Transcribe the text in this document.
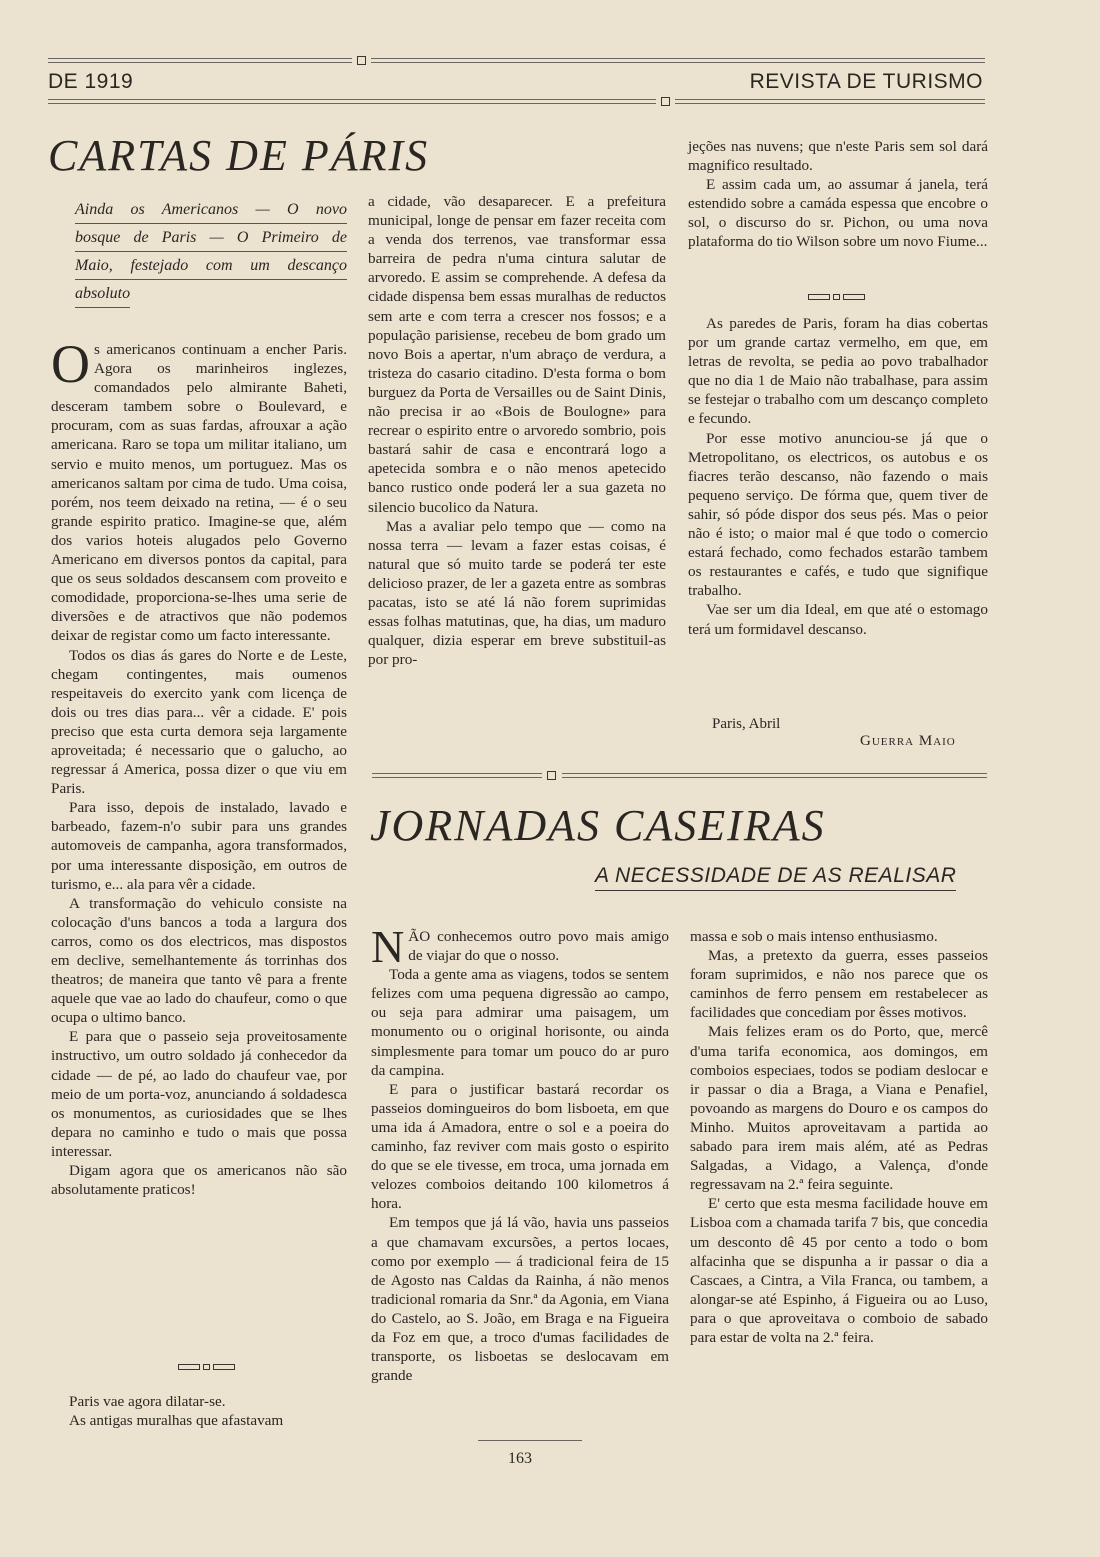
DE 1919	REVISTA DE TURISMO
CARTAS DE PÁRIS
Ainda os Americanos — O novo
bosque de Paris — O Primeiro de
Maio, festejado com um descanço
absoluto

Os americanos continuam a encher Paris. Agora os marinheiros inglezes, comandados pelo almirante Baheti, desceram tambem sobre o Boulevard, e procuram, com as suas fardas, afrouxar a ação americana. Raro se topa um militar italiano, um servio e muito menos, um portuguez. Mas os americanos saltam por cima de tudo. Uma coisa, porém, nos teem deixado na retina, — é o seu grande espirito pratico. Imagine-se que, além dos varios hoteis alugados pelo Governo Americano em diversos pontos da capital, para que os seus soldados descansem com proveito e comodidade, proporciona-se-lhes uma serie de diversões e de atractivos que não podemos deixar de registar como um facto interessante.

Todos os dias ás gares do Norte e de Leste, chegam contingentes, mais oumenos respeitaveis do exercito yank com licença de dois ou tres dias para... vêr a cidade. E' pois preciso que esta curta demora seja largamente aproveitada; é necessario que o galucho, ao regressar á America, possa dizer o que viu em Paris.

Para isso, depois de instalado, lavado e barbeado, fazem-n'o subir para uns grandes automoveis de campanha, agora transformados, por uma interessante disposição, em outros de turismo, e... ala para vêr a cidade.

A transformação do vehiculo consiste na colocação d'uns bancos a toda a largura dos carros, como os dos electricos, mas dispostos em declive, semelhantemente ás torrinhas dos theatros; de maneira que tanto vê para a frente aquele que vae ao lado do chaufeur, como o que ocupa o ultimo banco.

E para que o passeio seja proveitosamente instructivo, um outro soldado já conhecedor da cidade — de pé, ao lado do chaufeur vae, por meio de um porta-voz, anunciando á soldadesca os monumentos, as curiosidades que se lhes depara no caminho e tudo o mais que possa interessar.

Digam agora que os americanos não são absolutamente praticos!

Paris vae agora dilatar-se.

As antigas muralhas que afastavam

a cidade, vão desaparecer. E a prefeitura municipal, longe de pensar em fazer receita com a venda dos terrenos, vae transformar essa barreira de pedra n'uma cintura salutar de arvoredo. E assim se comprehende. A defesa da cidade dispensa bem essas muralhas de reductos sem arte e com terra a crescer nos fossos; e a população parisiense, recebeu de bom grado um novo Bois a apertar, n'um abraço de verdura, a tristeza do casario citadino. D'esta forma o bom burguez da Porta de Versailles ou de Saint Dinis, não precisa ir ao «Bois de Boulogne» para recrear o espirito entre o arvoredo sombrio, pois bastará sahir de casa e encontrará logo a apetecida sombra e o não menos apetecido banco rustico onde poderá ler a sua gazeta no silencio bucolico da Natura.

Mas a avaliar pelo tempo que — como na nossa terra — levam a fazer estas coisas, é natural que só muito tarde se poderá ter este delicioso prazer, de ler a gazeta entre as sombras pacatas, isto se até lá não forem suprimidas essas folhas matutinas, que, ha dias, um maduro qualquer, dizia esperar em breve substituil-as por pro-

jeções nas nuvens; que n'este Paris sem sol dará magnifico resultado.

E assim cada um, ao assumar á janela, terá estendido sobre a camáda espessa que encobre o sol, o discurso do sr. Pichon, ou uma nova plataforma do tio Wilson sobre um novo Fiume...

As paredes de Paris, foram ha dias cobertas por um grande cartaz vermelho, em que, em letras de revolta, se pedia ao povo trabalhador que no dia 1 de Maio não trabalhase, para assim se festejar o trabalho com um descanço completo e fecundo.

Por esse motivo anunciou-se já que o Metropolitano, os electricos, os autobus e os fiacres terão descanso, não fazendo o mais pequeno serviço. De fórma que, quem tiver de sahir, só póde dispor dos seus pés. Mas o peior não é isto; o maior mal é que todo o comercio estará fechado, como fechados estarão tambem os restaurantes e cafés, e tudo que signifique trabalho.

Vae ser um dia Ideal, em que até o estomago terá um formidavel descanso.

Paris, Abril
Guerra Maio
JORNADAS CASEIRAS
A NECESSIDADE DE AS REALISAR

NÃO conhecemos outro povo mais amigo de viajar do que o nosso.

Toda a gente ama as viagens, todos se sentem felizes com uma pequena digressão ao campo, ou seja para admirar uma paisagem, um monumento ou o original horisonte, ou ainda simplesmente para tomar um pouco do ar puro da campina.

E para o justificar bastará recordar os passeios domingueiros do bom lisboeta, em que uma ida á Amadora, entre o sol e a poeira do caminho, faz reviver com mais gosto o espirito do que se ele tivesse, em troca, uma jornada em velozes comboios deitando 100 kilometros á hora.

Em tempos que já lá vão, havia uns passeios a que chamavam excursões, a pertos locaes, como por exemplo — á tradicional feira de 15 de Agosto nas Caldas da Rainha, á não menos tradicional romaria da Snr.ª da Agonia, em Viana do Castelo, ao S. João, em Braga e na Figueira da Foz em que, a troco d'umas facilidades de transporte, os lisboetas se deslocavam em grande

massa e sob o mais intenso enthusiasmo.

Mas, a pretexto da guerra, esses passeios foram suprimidos, e não nos parece que os caminhos de ferro pensem em restabelecer as facilidades que concediam por êsses motivos.

Mais felizes eram os do Porto, que, mercê d'uma tarifa economica, aos domingos, em comboios especiaes, todos se podiam deslocar e ir passar o dia a Braga, a Viana e Penafiel, povoando as margens do Douro e os campos do Minho. Muitos aproveitavam a partida ao sabado para irem mais além, até as Pedras Salgadas, a Vidago, a Valença, d'onde regressavam na 2.ª feira seguinte.

E' certo que esta mesma facilidade houve em Lisboa com a chamada tarifa 7 bis, que concedia um desconto dê 45 por cento a todo o bom alfacinha que se dispunha a ir passar o dia a Cascaes, a Cintra, a Vila Franca, ou tambem, a alongar-se até Espinho, á Figueira ou ao Luso, para o que aproveitava o comboio de sabado para estar de volta na 2.ª feira.

163
